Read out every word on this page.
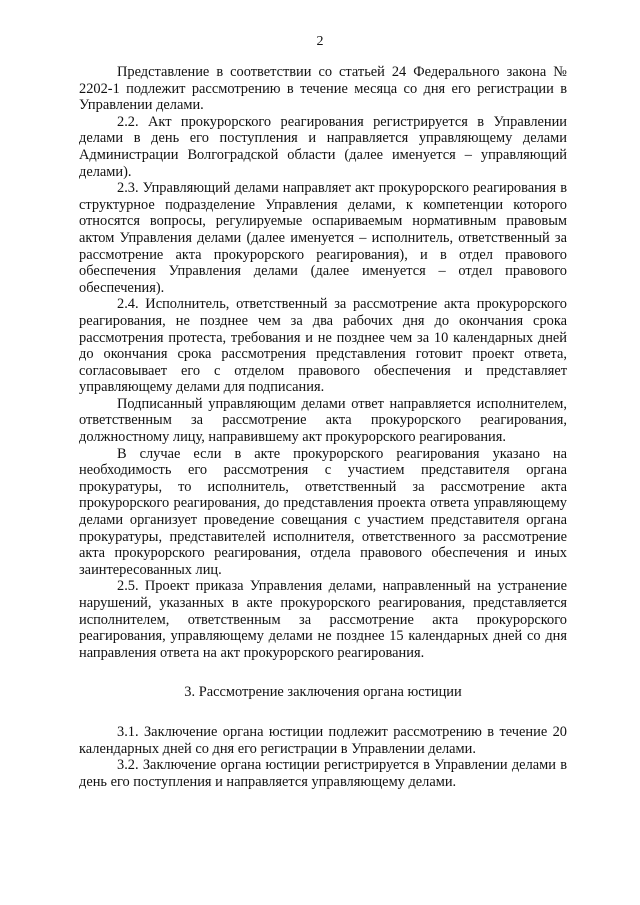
2

Представление в соответствии со статьей 24 Федерального закона № 2202-1 подлежит рассмотрению в течение месяца со дня его регистрации в Управлении делами.

2.2. Акт прокурорского реагирования регистрируется в Управлении делами в день его поступления и направляется управляющему делами Администрации Волгоградской области (далее именуется – управляющий делами).

2.3. Управляющий делами направляет акт прокурорского реагирования в структурное подразделение Управления делами, к компетенции которого относятся вопросы, регулируемые оспариваемым нормативным правовым актом Управления делами (далее именуется – исполнитель, ответственный за рассмотрение акта прокурорского реагирования), и в отдел правового обеспечения Управления делами (далее именуется – отдел правового обеспечения).

2.4. Исполнитель, ответственный за рассмотрение акта прокурорского реагирования, не позднее чем за два рабочих дня до окончания срока рассмотрения протеста, требования и не позднее чем за 10 календарных дней до окончания срока рассмотрения представления готовит проект ответа, согласовывает его с отделом правового обеспечения и представляет управляющему делами для подписания.

Подписанный управляющим делами ответ направляется исполнителем, ответственным за рассмотрение акта прокурорского реагирования, должностному лицу, направившему акт прокурорского реагирования.

В случае если в акте прокурорского реагирования указано на необходимость его рассмотрения с участием представителя органа прокуратуры, то исполнитель, ответственный за рассмотрение акта прокурорского реагирования, до представления проекта ответа управляющему делами организует проведение совещания с участием представителя органа прокуратуры, представителей исполнителя, ответственного за рассмотрение акта прокурорского реагирования, отдела правового обеспечения и иных заинтересованных лиц.

2.5. Проект приказа Управления делами, направленный на устранение нарушений, указанных в акте прокурорского реагирования, представляется исполнителем, ответственным за рассмотрение акта прокурорского реагирования, управляющему делами не позднее 15 календарных дней со дня направления ответа на акт прокурорского реагирования.

3. Рассмотрение заключения органа юстиции

3.1. Заключение органа юстиции подлежит рассмотрению в течение 20 календарных дней со дня его регистрации в Управлении делами.

3.2. Заключение органа юстиции регистрируется в Управлении делами в день его поступления и направляется управляющему делами.
